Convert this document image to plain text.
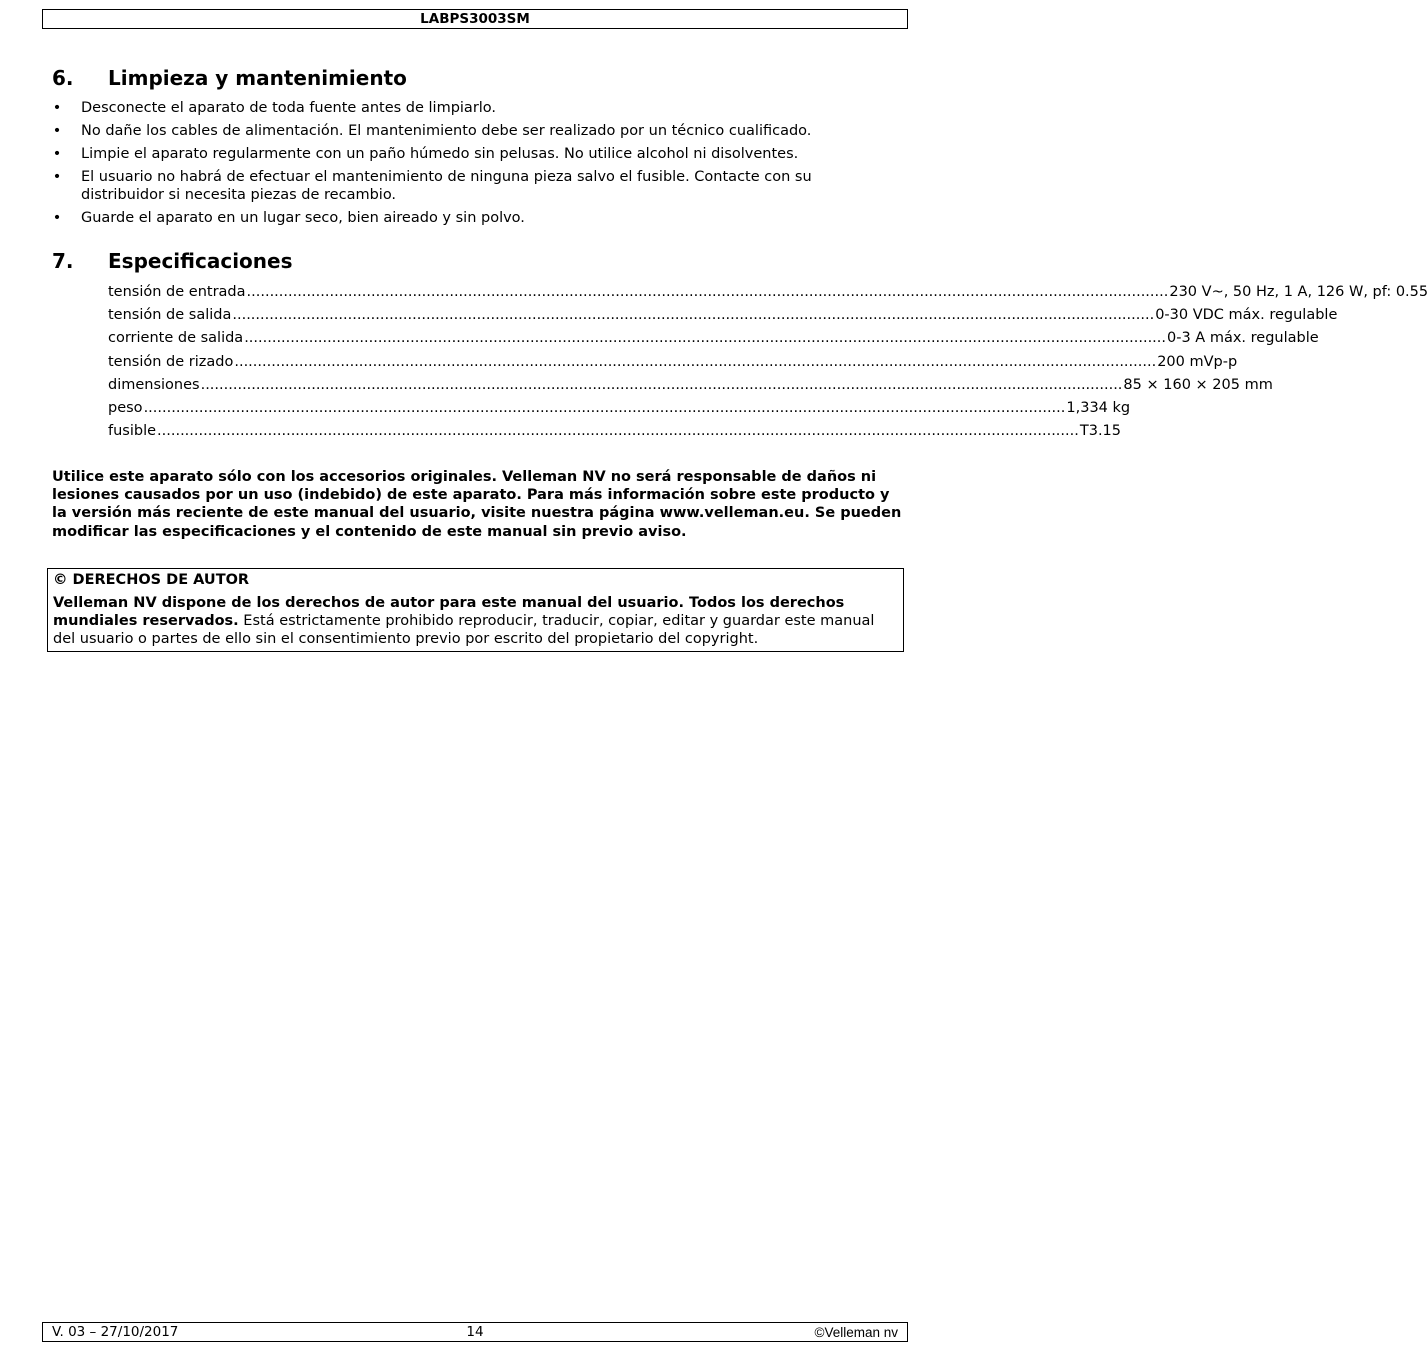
LABPS3003SM
6. Limpieza y mantenimiento
• Desconecte el aparato de toda fuente antes de limpiarlo.
• No dañe los cables de alimentación. El mantenimiento debe ser realizado por un técnico cualificado.
• Limpie el aparato regularmente con un paño húmedo sin pelusas. No utilice alcohol ni disolventes.
• El usuario no habrá de efectuar el mantenimiento de ninguna pieza salvo el fusible. Contacte con su distribuidor si necesita piezas de recambio.
• Guarde el aparato en un lugar seco, bien aireado y sin polvo.
7. Especificaciones
tensión de entrada ........................................................................................................................................................................................................ 230 V~, 50 Hz, 1 A, 126 W, pf: 0.55
tensión de salida ........................................................................................................................................................................................................ 0-30 VDC máx. regulable
corriente de salida ........................................................................................................................................................................................................ 0-3 A máx. regulable
tensión de rizado ........................................................................................................................................................................................................ 200 mVp-p
dimensiones ........................................................................................................................................................................................................ 85 × 160 × 205 mm
peso ........................................................................................................................................................................................................ 1,334 kg
fusible ........................................................................................................................................................................................................ T3.15

Utilice este aparato sólo con los accesorios originales. Velleman NV no será responsable de daños ni lesiones causados por un uso (indebido) de este aparato. Para más información sobre este producto y la versión más reciente de este manual del usuario, visite nuestra página www.velleman.eu. Se pueden modificar las especificaciones y el contenido de este manual sin previo aviso.

© DERECHOS DE AUTOR
Velleman NV dispone de los derechos de autor para este manual del usuario. Todos los derechos mundiales reservados. Está estrictamente prohibido reproducir, traducir, copiar, editar y guardar este manual del usuario o partes de ello sin el consentimiento previo por escrito del propietario del copyright.
V. 03 – 27/10/2017	14	©Velleman nv
